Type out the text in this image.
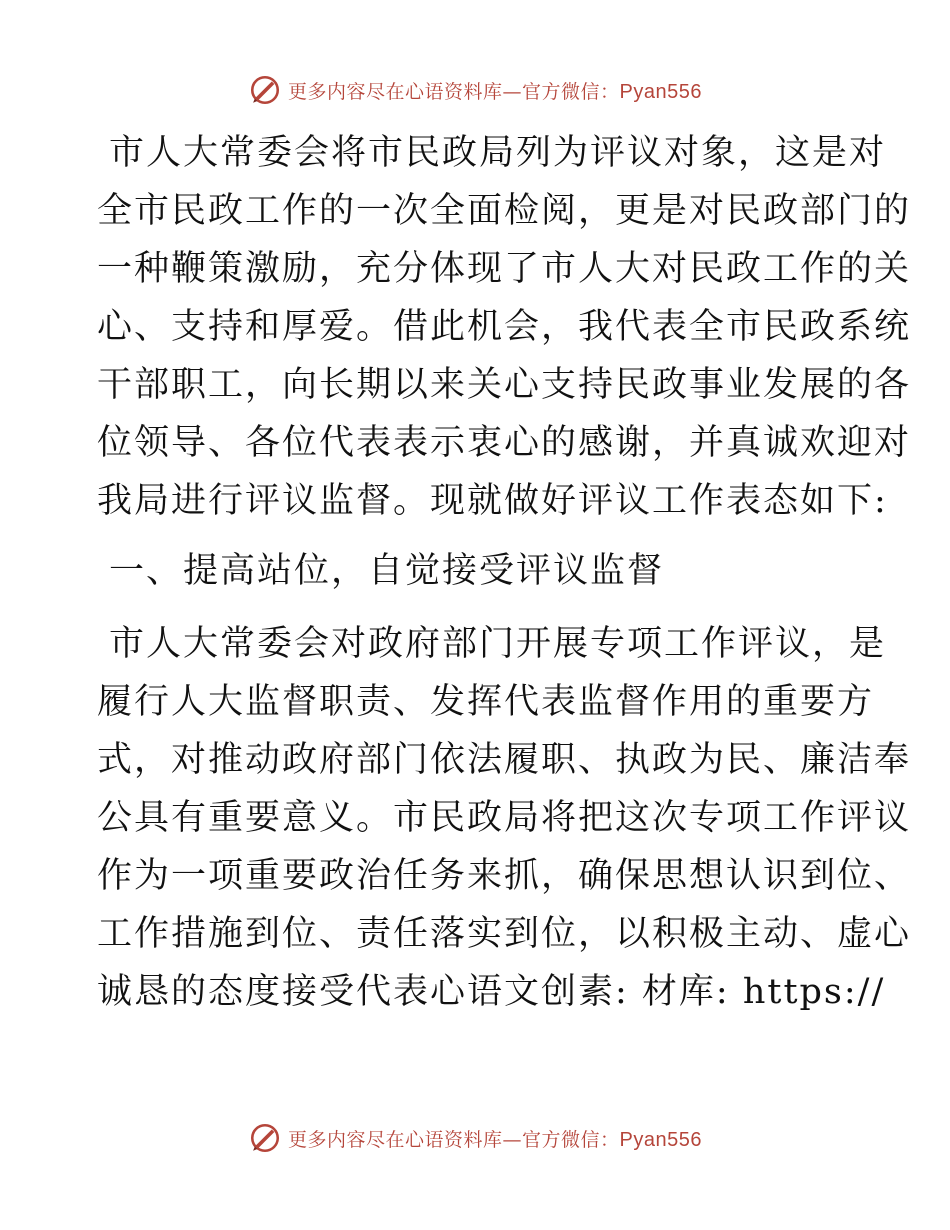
更多内容尽在心语资料库—官方微信：Pyan556
市人大常委会将市民政局列为评议对象，这是对
全市民政工作的一次全面检阅，更是对民政部门的
一种鞭策激励，充分体现了市人大对民政工作的关
心、支持和厚爱。借此机会，我代表全市民政系统
干部职工，向长期以来关心支持民政事业发展的各
位领导、各位代表表示衷心的感谢，并真诚欢迎对
我局进行评议监督。现就做好评议工作表态如下:
一、提高站位，自觉接受评议监督
市人大常委会对政府部门开展专项工作评议，是
履行人大监督职责、发挥代表监督作用的重要方
式，对推动政府部门依法履职、执政为民、廉洁奉
公具有重要意义。市民政局将把这次专项工作评议
作为一项重要政治任务来抓，确保思想认识到位、
工作措施到位、责任落实到位，以积极主动、虚心
诚恳的态度接受代表心语文创素: 材库: https://
更多内容尽在心语资料库—官方微信：Pyan556
